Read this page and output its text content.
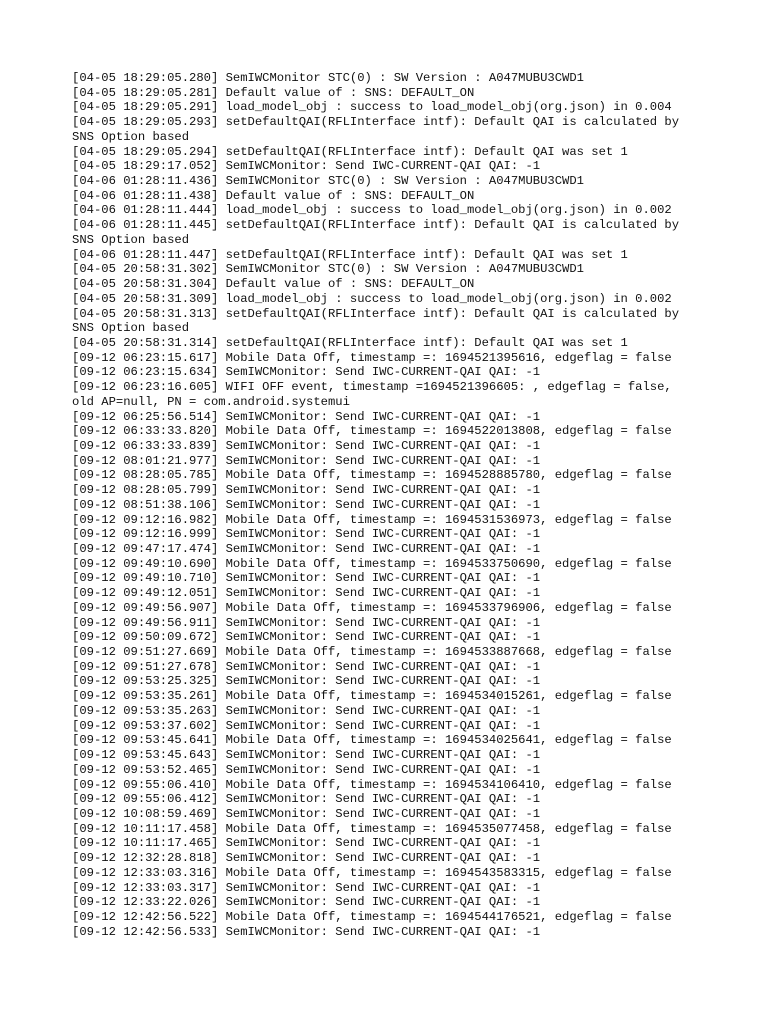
[04-05 18:29:05.280] SemIWCMonitor STC(0) : SW Version : A047MUBU3CWD1
[04-05 18:29:05.281] Default value of : SNS: DEFAULT_ON
[04-05 18:29:05.291] load_model_obj : success to load_model_obj(org.json) in 0.004
[04-05 18:29:05.293] setDefaultQAI(RFLInterface intf): Default QAI is calculated by
SNS Option based
[04-05 18:29:05.294] setDefaultQAI(RFLInterface intf): Default QAI was set 1
[04-05 18:29:17.052] SemIWCMonitor: Send IWC-CURRENT-QAI QAI: -1
[04-06 01:28:11.436] SemIWCMonitor STC(0) : SW Version : A047MUBU3CWD1
[04-06 01:28:11.438] Default value of : SNS: DEFAULT_ON
[04-06 01:28:11.444] load_model_obj : success to load_model_obj(org.json) in 0.002
[04-06 01:28:11.445] setDefaultQAI(RFLInterface intf): Default QAI is calculated by
SNS Option based
[04-06 01:28:11.447] setDefaultQAI(RFLInterface intf): Default QAI was set 1
[04-05 20:58:31.302] SemIWCMonitor STC(0) : SW Version : A047MUBU3CWD1
[04-05 20:58:31.304] Default value of : SNS: DEFAULT_ON
[04-05 20:58:31.309] load_model_obj : success to load_model_obj(org.json) in 0.002
[04-05 20:58:31.313] setDefaultQAI(RFLInterface intf): Default QAI is calculated by
SNS Option based
[04-05 20:58:31.314] setDefaultQAI(RFLInterface intf): Default QAI was set 1
[09-12 06:23:15.617] Mobile Data Off, timestamp =: 1694521395616, edgeflag = false
[09-12 06:23:15.634] SemIWCMonitor: Send IWC-CURRENT-QAI QAI: -1
[09-12 06:23:16.605] WIFI OFF event, timestamp =1694521396605: , edgeflag = false,
old AP=null, PN = com.android.systemui
[09-12 06:25:56.514] SemIWCMonitor: Send IWC-CURRENT-QAI QAI: -1
[09-12 06:33:33.820] Mobile Data Off, timestamp =: 1694522013808, edgeflag = false
[09-12 06:33:33.839] SemIWCMonitor: Send IWC-CURRENT-QAI QAI: -1
[09-12 08:01:21.977] SemIWCMonitor: Send IWC-CURRENT-QAI QAI: -1
[09-12 08:28:05.785] Mobile Data Off, timestamp =: 1694528885780, edgeflag = false
[09-12 08:28:05.799] SemIWCMonitor: Send IWC-CURRENT-QAI QAI: -1
[09-12 08:51:38.106] SemIWCMonitor: Send IWC-CURRENT-QAI QAI: -1
[09-12 09:12:16.982] Mobile Data Off, timestamp =: 1694531536973, edgeflag = false
[09-12 09:12:16.999] SemIWCMonitor: Send IWC-CURRENT-QAI QAI: -1
[09-12 09:47:17.474] SemIWCMonitor: Send IWC-CURRENT-QAI QAI: -1
[09-12 09:49:10.690] Mobile Data Off, timestamp =: 1694533750690, edgeflag = false
[09-12 09:49:10.710] SemIWCMonitor: Send IWC-CURRENT-QAI QAI: -1
[09-12 09:49:12.051] SemIWCMonitor: Send IWC-CURRENT-QAI QAI: -1
[09-12 09:49:56.907] Mobile Data Off, timestamp =: 1694533796906, edgeflag = false
[09-12 09:49:56.911] SemIWCMonitor: Send IWC-CURRENT-QAI QAI: -1
[09-12 09:50:09.672] SemIWCMonitor: Send IWC-CURRENT-QAI QAI: -1
[09-12 09:51:27.669] Mobile Data Off, timestamp =: 1694533887668, edgeflag = false
[09-12 09:51:27.678] SemIWCMonitor: Send IWC-CURRENT-QAI QAI: -1
[09-12 09:53:25.325] SemIWCMonitor: Send IWC-CURRENT-QAI QAI: -1
[09-12 09:53:35.261] Mobile Data Off, timestamp =: 1694534015261, edgeflag = false
[09-12 09:53:35.263] SemIWCMonitor: Send IWC-CURRENT-QAI QAI: -1
[09-12 09:53:37.602] SemIWCMonitor: Send IWC-CURRENT-QAI QAI: -1
[09-12 09:53:45.641] Mobile Data Off, timestamp =: 1694534025641, edgeflag = false
[09-12 09:53:45.643] SemIWCMonitor: Send IWC-CURRENT-QAI QAI: -1
[09-12 09:53:52.465] SemIWCMonitor: Send IWC-CURRENT-QAI QAI: -1
[09-12 09:55:06.410] Mobile Data Off, timestamp =: 1694534106410, edgeflag = false
[09-12 09:55:06.412] SemIWCMonitor: Send IWC-CURRENT-QAI QAI: -1
[09-12 10:08:59.469] SemIWCMonitor: Send IWC-CURRENT-QAI QAI: -1
[09-12 10:11:17.458] Mobile Data Off, timestamp =: 1694535077458, edgeflag = false
[09-12 10:11:17.465] SemIWCMonitor: Send IWC-CURRENT-QAI QAI: -1
[09-12 12:32:28.818] SemIWCMonitor: Send IWC-CURRENT-QAI QAI: -1
[09-12 12:33:03.316] Mobile Data Off, timestamp =: 1694543583315, edgeflag = false
[09-12 12:33:03.317] SemIWCMonitor: Send IWC-CURRENT-QAI QAI: -1
[09-12 12:33:22.026] SemIWCMonitor: Send IWC-CURRENT-QAI QAI: -1
[09-12 12:42:56.522] Mobile Data Off, timestamp =: 1694544176521, edgeflag = false
[09-12 12:42:56.533] SemIWCMonitor: Send IWC-CURRENT-QAI QAI: -1
